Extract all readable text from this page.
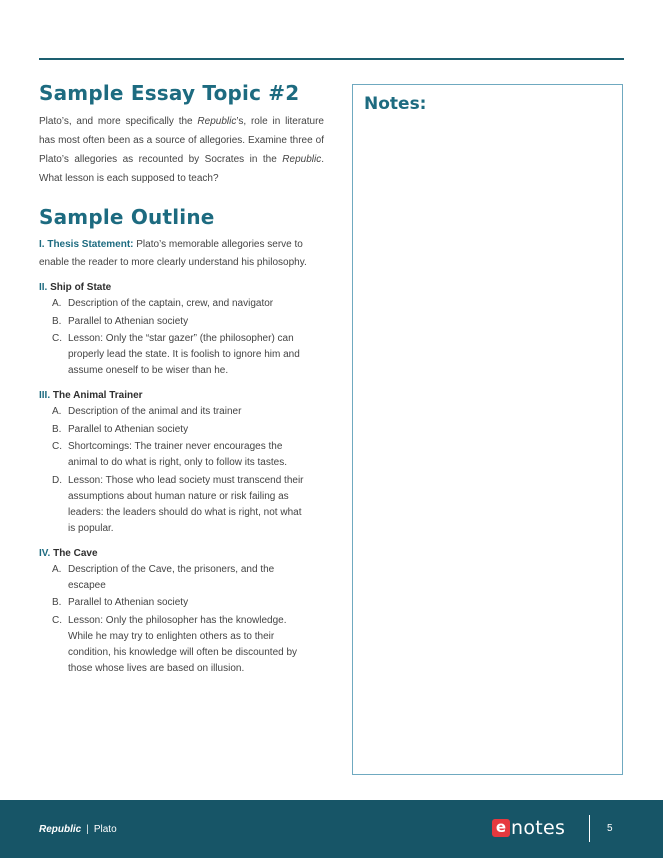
Sample Essay Topic #2

Plato’s, and more specifically the Republic’s, role in literature has most often been as a source of allegories. Examine three of Plato’s allegories as recounted by Socrates in the Republic. What lesson is each supposed to teach?

Sample Outline

I. Thesis Statement: Plato’s memorable allegories serve to enable the reader to more clearly understand his philosophy.

II. Ship of State
A. Description of the captain, crew, and navigator
B. Parallel to Athenian society
C. Lesson: Only the “star gazer” (the philosopher) can properly lead the state. It is foolish to ignore him and assume oneself to be wiser than he.
III. The Animal Trainer
A. Description of the animal and its trainer
B. Parallel to Athenian society
C. Shortcomings: The trainer never encourages the animal to do what is right, only to follow its tastes.
D. Lesson: Those who lead society must transcend their assumptions about human nature or risk failing as leaders: the leaders should do what is right, not what is popular.
IV. The Cave
A. Description of the Cave, the prisoners, and the escapee
B. Parallel to Athenian society
C. Lesson: Only the philosopher has the knowledge. While he may try to enlighten others as to their condition, his knowledge will often be discounted by those whose lives are based on illusion.
Notes:
Republic | Plato	e notes	5
